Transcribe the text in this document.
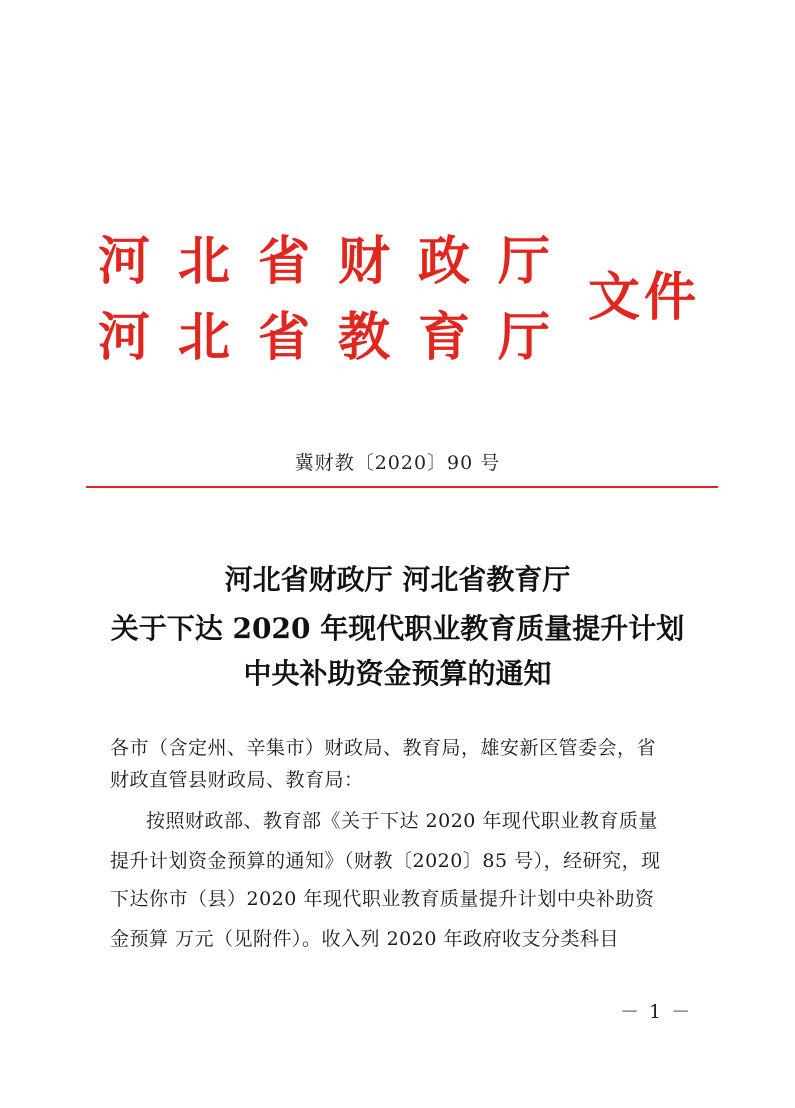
河北省财政厅
河北省教育厅
文件
冀财教〔2020〕90 号
河北省财政厅 河北省教育厅
关于下达 2020 年现代职业教育质量提升计划
中央补助资金预算的通知
各市（含定州、辛集市）财政局、教育局，雄安新区管委会，省
财政直管县财政局、教育局：
按照财政部、教育部《关于下达 2020 年现代职业教育质量
提升计划资金预算的通知》（财教〔2020〕85 号），经研究，现
下达你市（县）2020 年现代职业教育质量提升计划中央补助资
金预算 万元（见附件）。收入列 2020 年政府收支分类科目
－ 1 －
